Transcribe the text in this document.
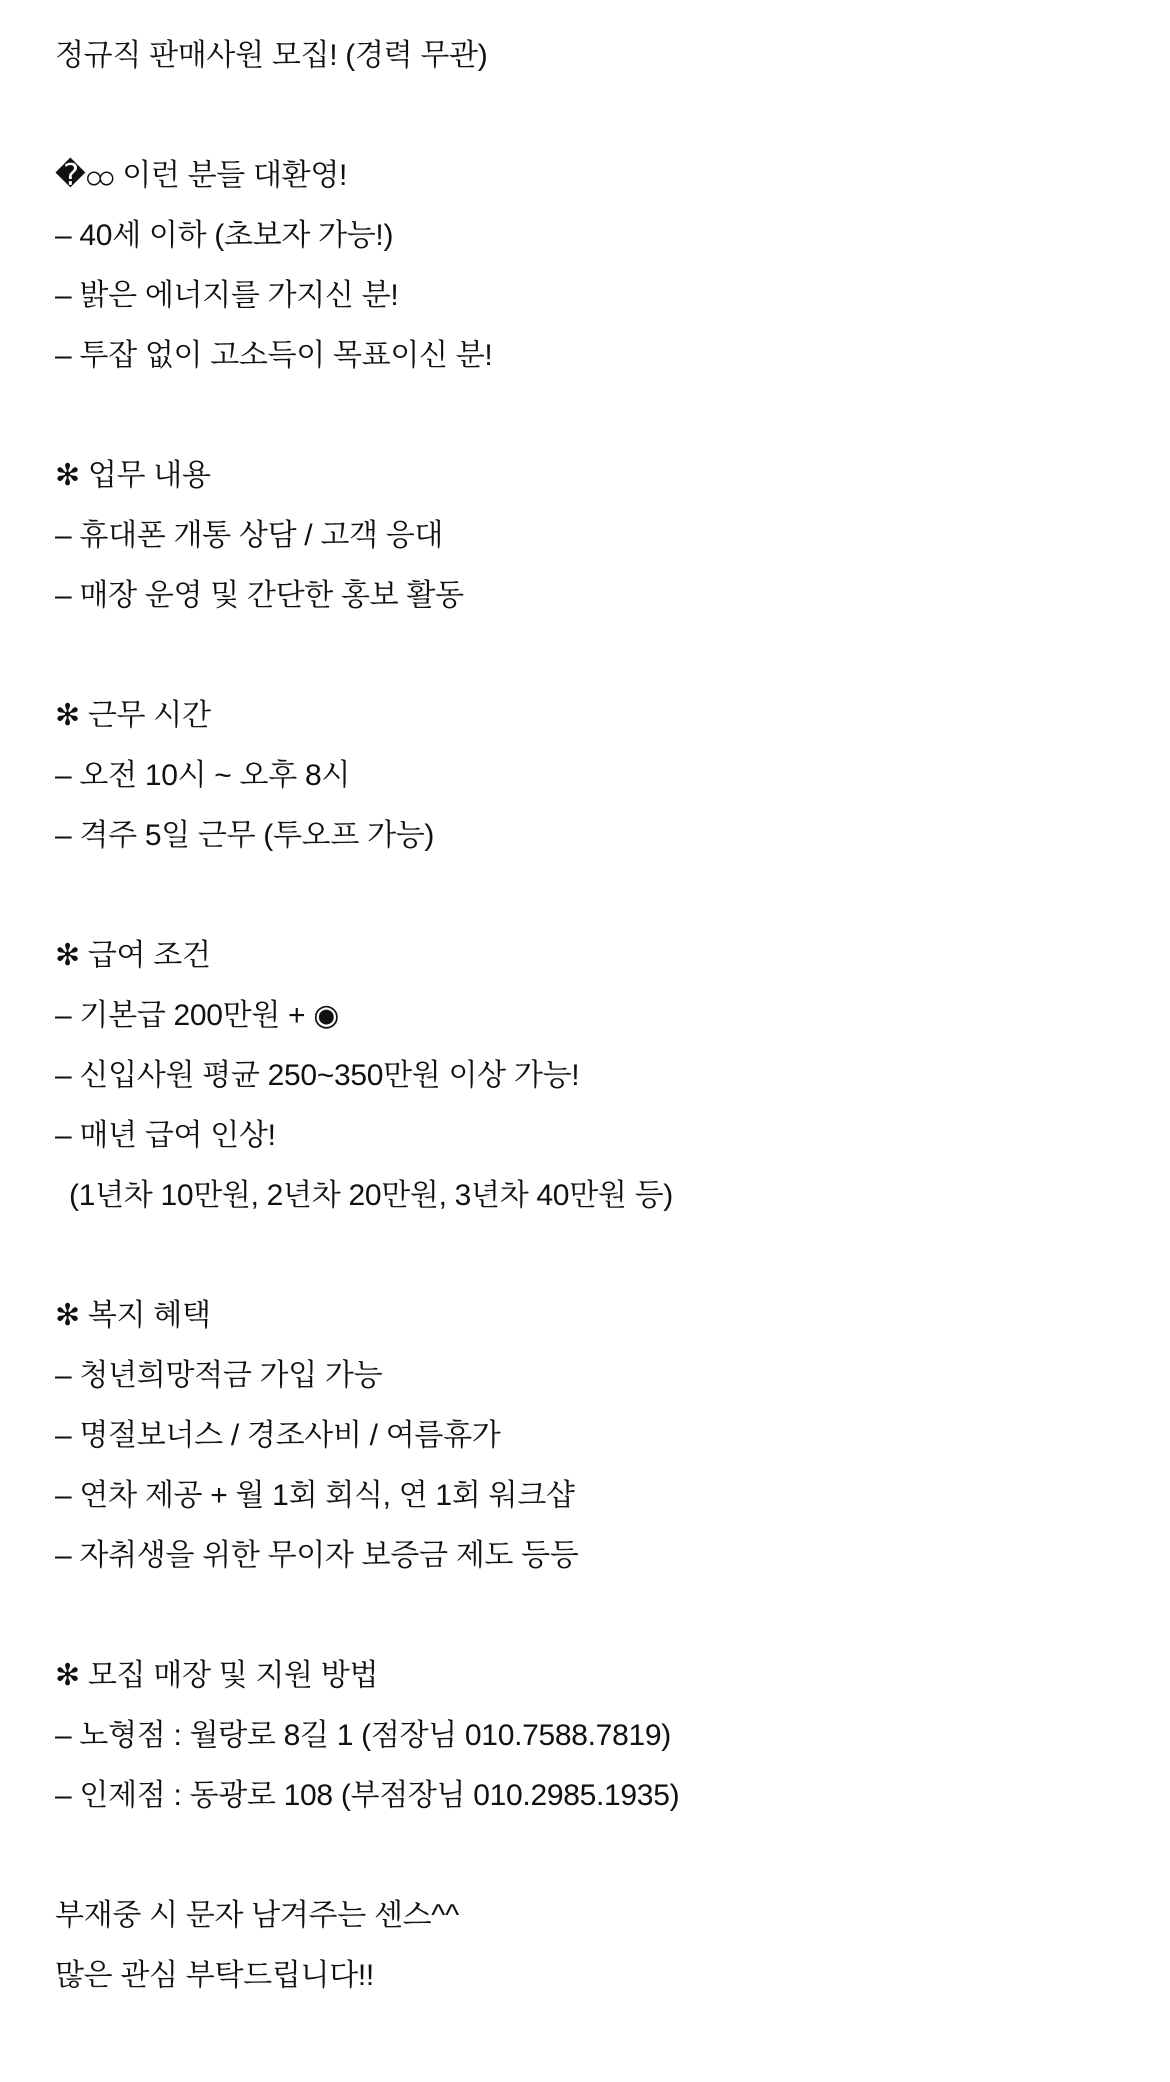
정규직 판매사원 모집! (경력 무관)
�ထ 이런 분들 대환영!
– 40세 이하 (초보자 가능!)
– 밝은 에너지를 가지신 분!
– 투잡 없이 고소득이 목표이신 분!
✻ 업무 내용
– 휴대폰 개통 상담 / 고객 응대
– 매장 운영 및 간단한 홍보 활동
✻ 근무 시간
– 오전 10시 ~ 오후 8시
– 격주 5일 근무 (투오프 가능)
✻ 급여 조건
– 기본급 200만원 + ◉
– 신입사원 평균 250~350만원 이상 가능!
– 매년 급여 인상!
(1년차 10만원, 2년차 20만원, 3년차 40만원 등)
✻ 복지 혜택
– 청년희망적금 가입 가능
– 명절보너스 / 경조사비 / 여름휴가
– 연차 제공 + 월 1회 회식, 연 1회 워크샵
– 자취생을 위한 무이자 보증금 제도 등등
✻ 모집 매장 및 지원 방법
– 노형점 : 월랑로 8길 1 (점장님 010.7588.7819)
– 인제점 : 동광로 108 (부점장님 010.2985.1935)
부재중 시 문자 남겨주는 센스^^
많은 관심 부탁드립니다!!
